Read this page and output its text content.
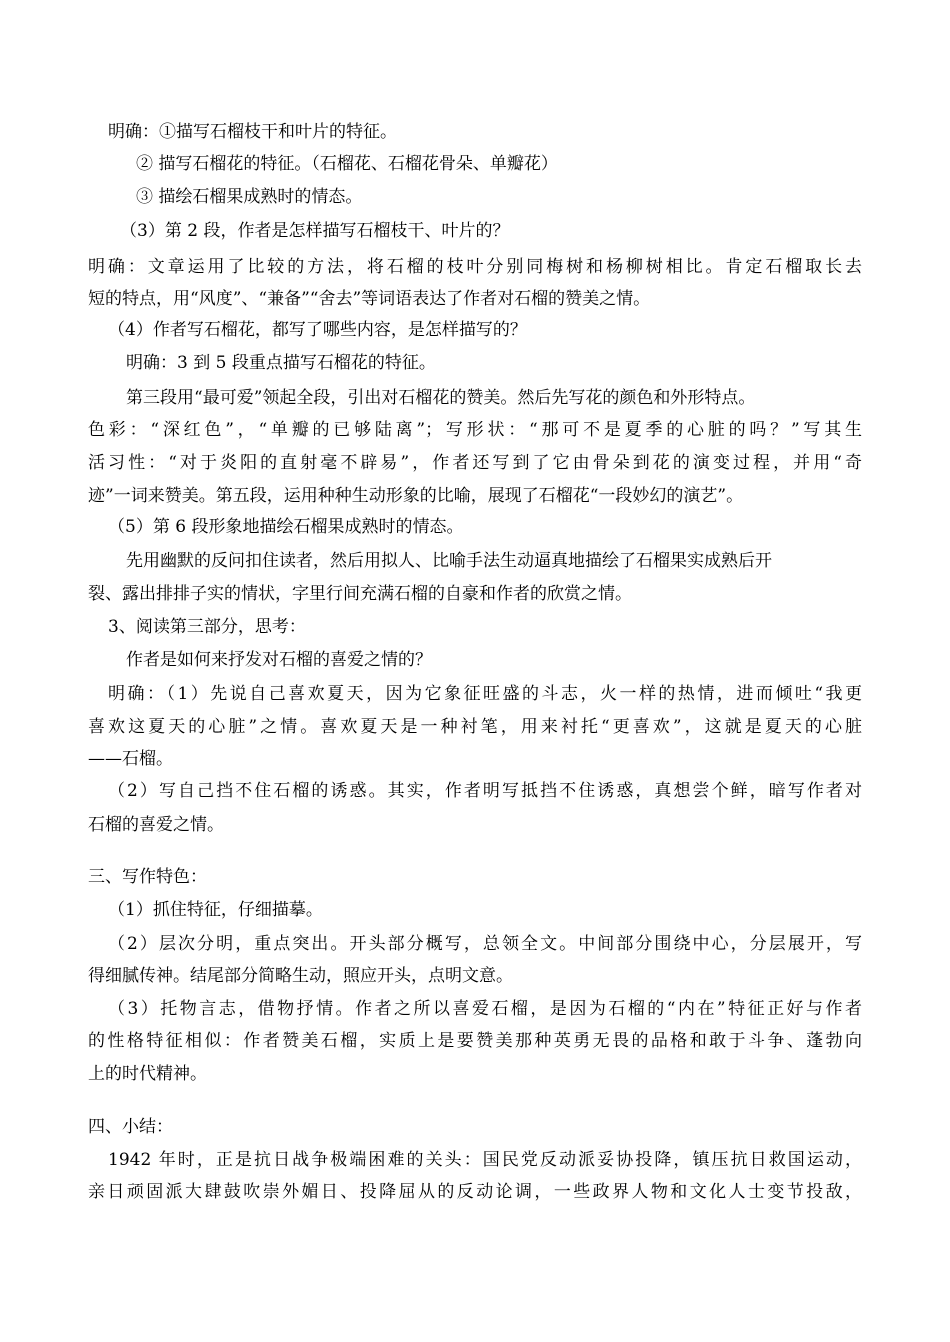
明确：①描写石榴枝干和叶片的特征。
② 描写石榴花的特征。（石榴花、石榴花骨朵、单瓣花）
③ 描绘石榴果成熟时的情态。
（3）第 2 段，作者是怎样描写石榴枝干、叶片的？
明确：文章运用了比较的方法，将石榴的枝叶分别同梅树和杨柳树相比。肯定石榴取长去
短的特点，用“风度”、“兼备”“舍去”等词语表达了作者对石榴的赞美之情。
（4）作者写石榴花，都写了哪些内容，是怎样描写的？
明确：3 到 5 段重点描写石榴花的特征。
第三段用“最可爱”领起全段，引出对石榴花的赞美。然后先写花的颜色和外形特点。
色彩：“深红色”，“单瓣的已够陆离”；写形状：“那可不是夏季的心脏的吗？”写其生
活习性：“对于炎阳的直射毫不辟易”，作者还写到了它由骨朵到花的演变过程，并用“奇
迹”一词来赞美。第五段，运用种种生动形象的比喻，展现了石榴花“一段妙幻的演艺”。
（5）第 6 段形象地描绘石榴果成熟时的情态。
先用幽默的反问扣住读者，然后用拟人、比喻手法生动逼真地描绘了石榴果实成熟后开
裂、露出排排子实的情状，字里行间充满石榴的自豪和作者的欣赏之情。
3、阅读第三部分，思考：
作者是如何来抒发对石榴的喜爱之情的？
明确：（1）先说自己喜欢夏天，因为它象征旺盛的斗志，火一样的热情，进而倾吐“我更
喜欢这夏天的心脏”之情。喜欢夏天是一种衬笔，用来衬托“更喜欢”，这就是夏天的心脏
——石榴。
（2）写自己挡不住石榴的诱惑。其实，作者明写抵挡不住诱惑，真想尝个鲜，暗写作者对
石榴的喜爱之情。
三、写作特色：
（1）抓住特征，仔细描摹。
（2）层次分明，重点突出。开头部分概写，总领全文。中间部分围绕中心，分层展开，写
得细腻传神。结尾部分简略生动，照应开头，点明文意。
（3）托物言志，借物抒情。作者之所以喜爱石榴，是因为石榴的“内在”特征正好与作者
的性格特征相似：作者赞美石榴，实质上是要赞美那种英勇无畏的品格和敢于斗争、蓬勃向
上的时代精神。
四、小结：
1942 年时，正是抗日战争极端困难的关头：国民党反动派妥协投降，镇压抗日救国运动，
亲日顽固派大肆鼓吹崇外媚日、投降屈从的反动论调，一些政界人物和文化人士变节投敌，
